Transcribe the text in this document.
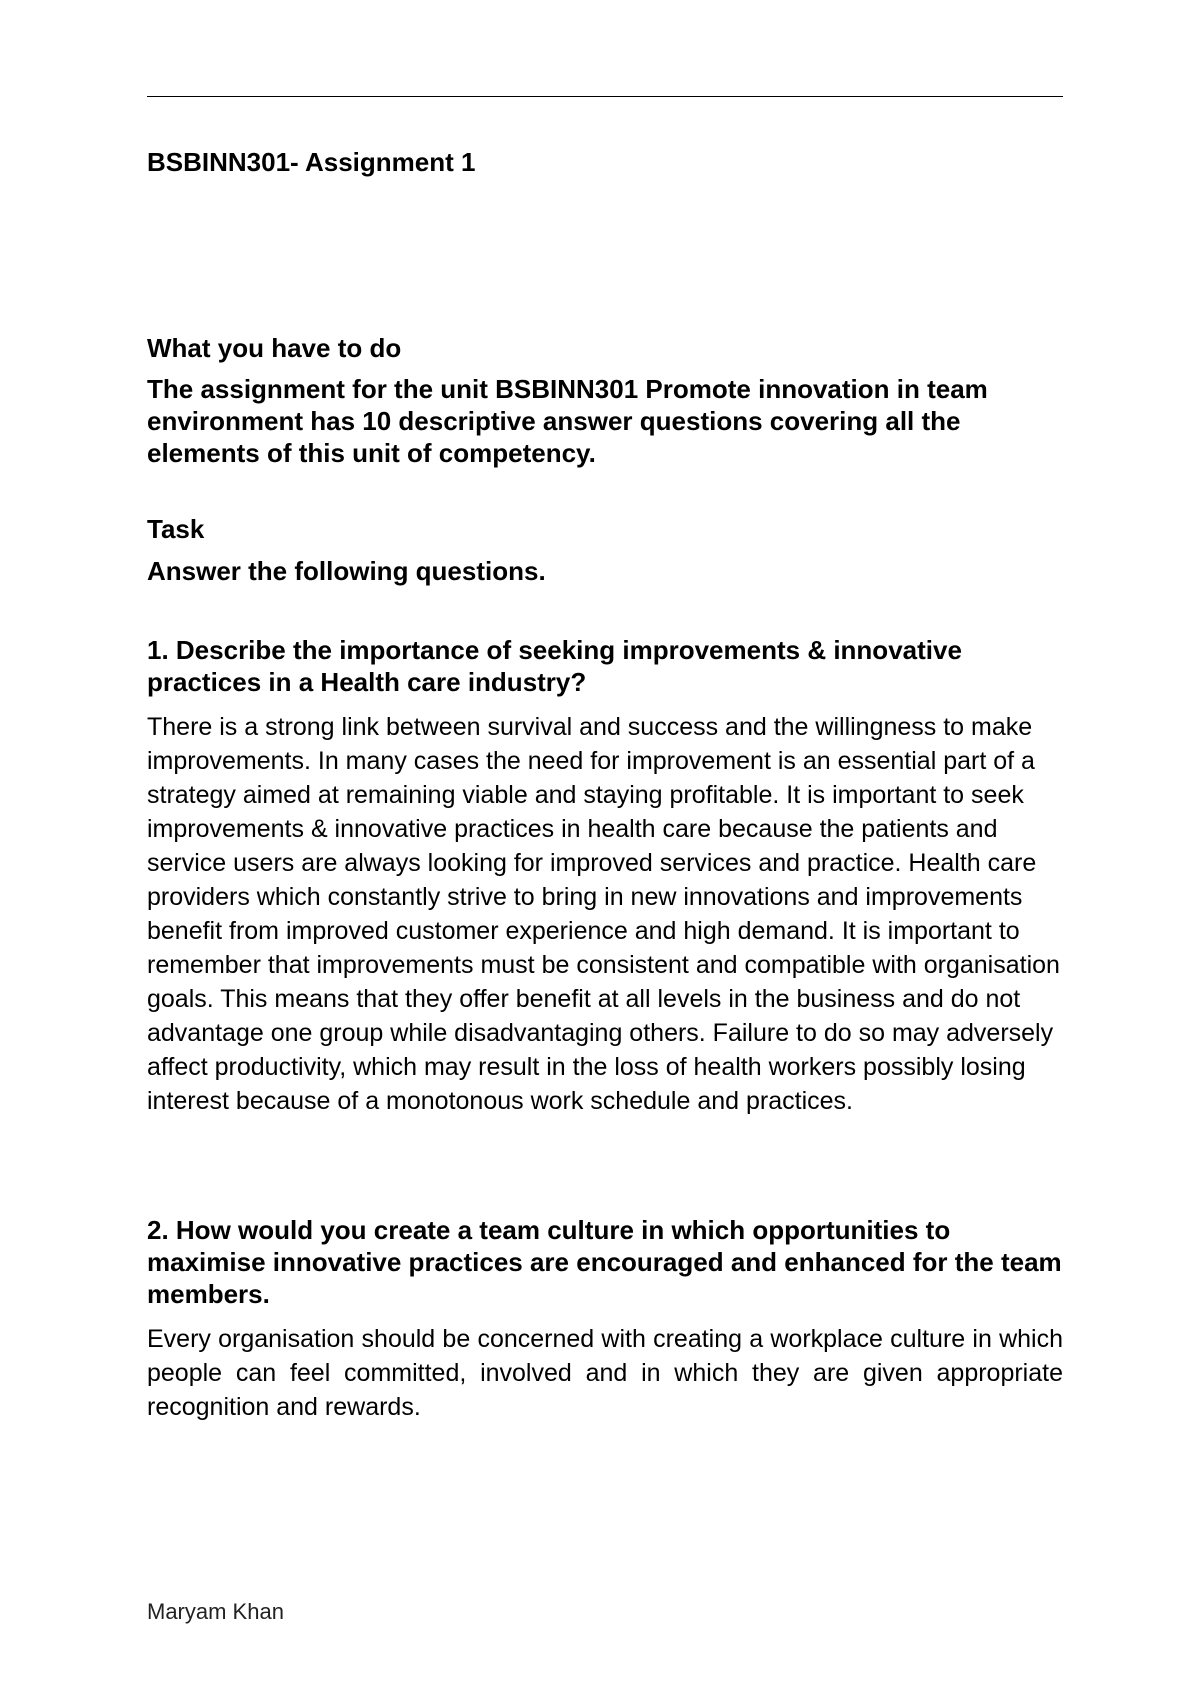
BSBINN301- Assignment 1

What you have to do

The assignment for the unit BSBINN301 Promote innovation in team environment has 10 descriptive answer questions covering all the elements of this unit of competency.

Task

Answer the following questions.

1. Describe the importance of seeking improvements & innovative practices in a Health care industry?

There is a strong link between survival and success and the willingness to make improvements. In many cases the need for improvement is an essential part of a strategy aimed at remaining viable and staying profitable. It is important to seek improvements & innovative practices in health care because the patients and service users are always looking for improved services and practice. Health care providers which constantly strive to bring in new innovations and improvements benefit from improved customer experience and high demand. It is important to remember that improvements must be consistent and compatible with organisation goals. This means that they offer benefit at all levels in the business and do not advantage one group while disadvantaging others. Failure to do so may adversely affect productivity, which may result in the loss of health workers possibly losing interest because of a monotonous work schedule and practices.

2. How would you create a team culture in which opportunities to maximise innovative practices are encouraged and enhanced for the team members.

Every organisation should be concerned with creating a workplace culture in which people can feel committed, involved and in which they are given appropriate recognition and rewards.

Maryam Khan
